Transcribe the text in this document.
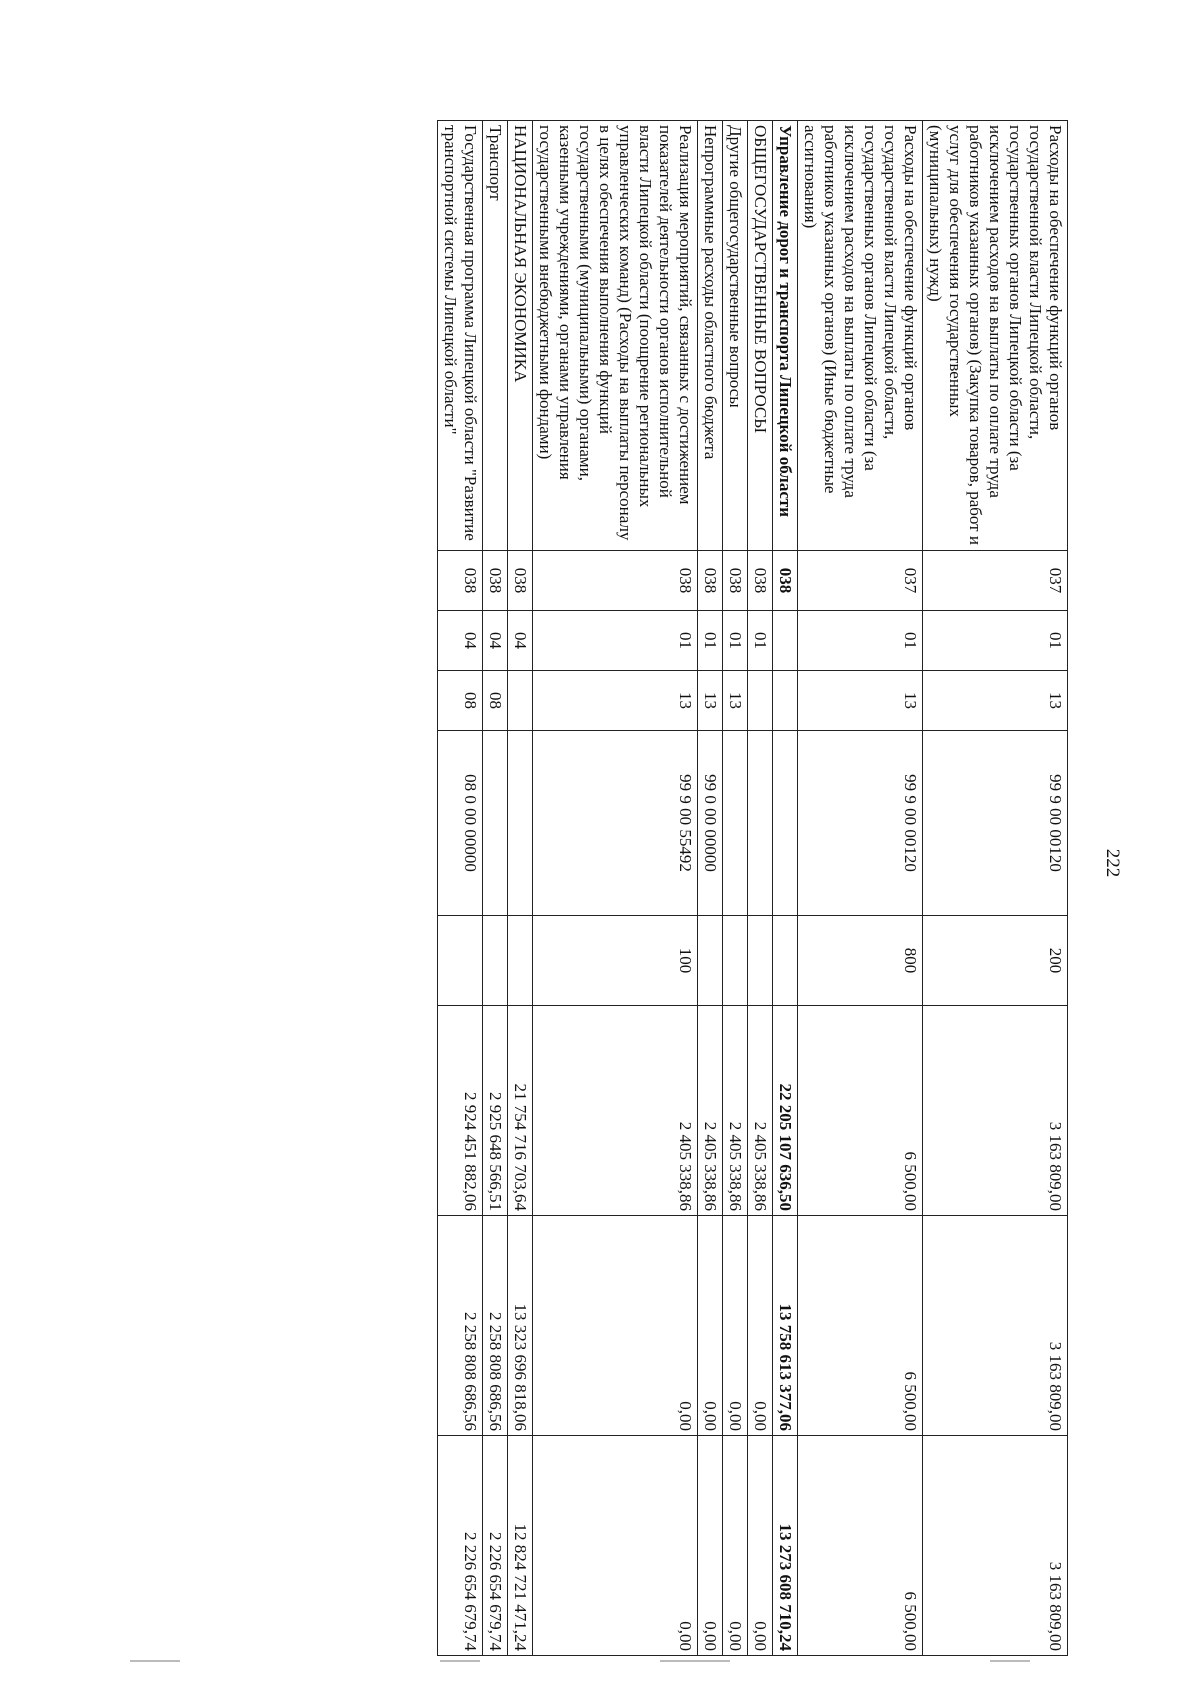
222
Расходы на обеспечение функций органов государственной власти Липецкой области, государственных органов Липецкой области (за исключением расходов на выплаты по оплате труда работников указанных органов) (Закупка товаров, работ и услуг для обеспечения государственных (муниципальных) нужд)	037	01	13	99 9 00 00120	200	3 163 809,00	3 163 809,00	3 163 809,00
Расходы на обеспечение функций органов государственной власти Липецкой области, государственных органов Липецкой области (за исключением расходов на выплаты по оплате труда работников указанных органов) (Иные бюджетные ассигнования)	037	01	13	99 9 00 00120	800	6 500,00	6 500,00	6 500,00
Управление дорог и транспорта Липецкой области	038					22 205 107 636,50	13 758 613 377,06	13 273 608 710,24
ОБЩЕГОСУДАРСТВЕННЫЕ ВОПРОСЫ	038	01				2 405 338,86	0,00	0,00
Другие общегосударственные вопросы	038	01	13			2 405 338,86	0,00	0,00
Непрограммные расходы областного бюджета	038	01	13	99 0 00 00000		2 405 338,86	0,00	0,00
Реализация мероприятий, связанных с достижением показателей деятельности органов исполнительной власти Липецкой области (поощрение региональных управленческих команд) (Расходы на выплаты персоналу в целях обеспечения выполнения функций государственными (муниципальными) органами, казенными учреждениями, органами управления государственными внебюджетными фондами)	038	01	13	99 9 00 55492	100	2 405 338,86	0,00	0,00
НАЦИОНАЛЬНАЯ ЭКОНОМИКА	038	04				21 754 716 703,64	13 323 696 818,06	12 824 721 471,24
Транспорт	038	04	08			2 925 648 566,51	2 258 808 686,56	2 226 654 679,74
Государственная программа Липецкой области "Развитие транспортной системы Липецкой области"	038	04	08	08 0 00 00000		2 924 451 882,06	2 258 808 686,56	2 226 654 679,74
